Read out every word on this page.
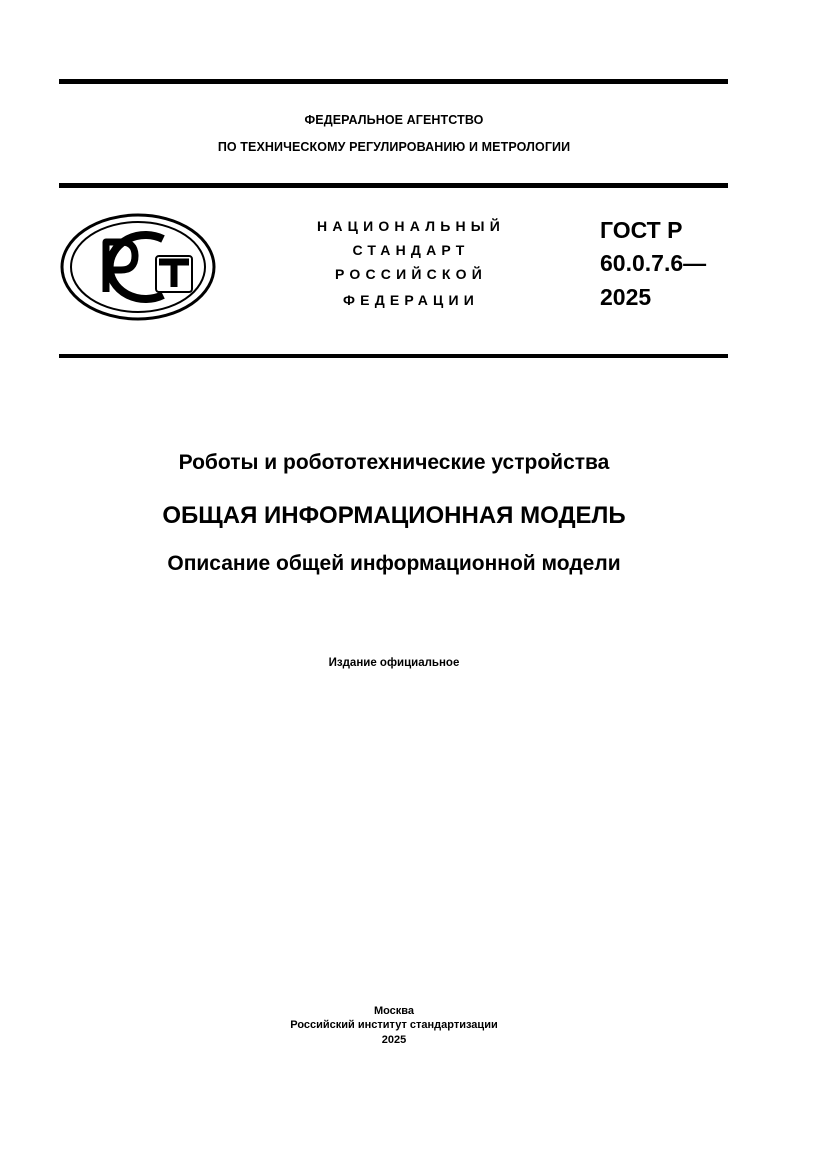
ФЕДЕРАЛЬНОЕ АГЕНТСТВО
ПО ТЕХНИЧЕСКОМУ РЕГУЛИРОВАНИЮ И МЕТРОЛОГИИ
НАЦИОНАЛЬНЫЙ
СТАНДАРТ
РОССИЙСКОЙ
ФЕДЕРАЦИИ
ГОСТ Р
60.0.7.6—
2025
Роботы и робототехнические устройства
ОБЩАЯ ИНФОРМАЦИОННАЯ МОДЕЛЬ
Описание общей информационной модели
Издание официальное
Москва
Российский институт стандартизации
2025
